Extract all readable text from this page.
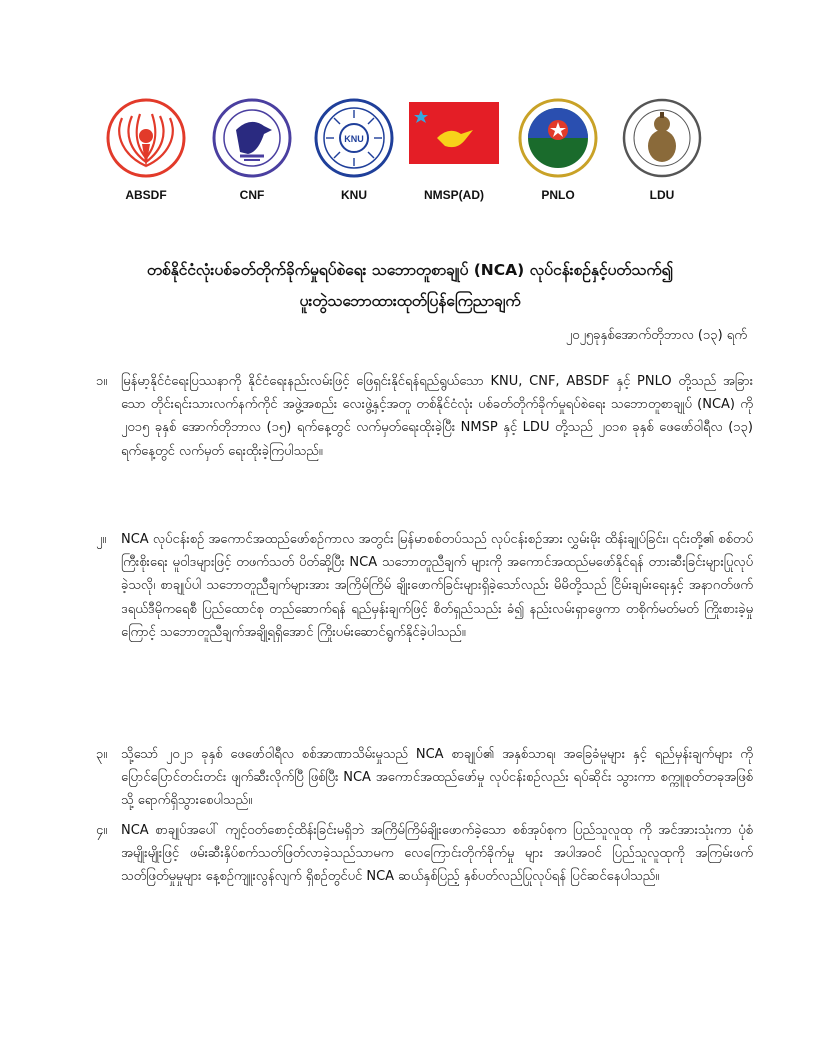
ABSDF	CNF
KNU
KNU	NMSP(AD)	PNLO	LDU
တစ်နိုင်ငံလုံးပစ်ခတ်တိုက်ခိုက်မှုရပ်စဲရေး သဘောတူစာချုပ် (NCA) လုပ်ငန်းစဉ်နှင့်ပတ်သက်၍
ပူးတွဲသဘောထားထုတ်ပြန်ကြေညာချက်
၂၀၂၅ခုနှစ်အောက်တိုဘာလ (၁၃) ရက်
၁။ မြန်မာ့နိုင်ငံရေးပြဿနာကို နိုင်ငံရေးနည်းလမ်းဖြင့် ဖြေရှင်းနိုင်ရန်ရည်ရွယ်သော KNU, CNF, ABSDF နှင့် PNLO တို့သည် အခြားသော တိုင်းရင်းသားလက်နက်ကိုင် အဖွဲ့အစည်း လေးဖွဲ့နှင့်အတူ တစ်နိုင်ငံလုံး ပစ်ခတ်တိုက်ခိုက်မှုရပ်စဲရေး သဘောတူစာချုပ် (NCA) ကို ၂၀၁၅ ခုနှစ် အောက်တိုဘာလ (၁၅) ရက်နေ့တွင် လက်မှတ်ရေးထိုးခဲ့ပြီး NMSP နှင့် LDU တို့သည် ၂၀၁၈ ခုနှစ် ဖေဖော်ဝါရီလ (၁၃) ရက်နေ့တွင် လက်မှတ် ရေးထိုးခဲ့ကြပါသည်။
၂။ NCA လုပ်ငန်းစဉ် အကောင်အထည်ဖော်စဉ်ကာလ အတွင်း မြန်မာစစ်တပ်သည် လုပ်ငန်းစဉ်အား လွှမ်းမိုး ထိန်းချုပ်ခြင်း၊ ၎င်းတို့၏ စစ်တပ်ကြီးစိုးရေး မူဝါဒများဖြင့် တဖက်သတ် ပိတ်ဆို့ပြီး NCA သဘောတူညီချက် များကို အကောင်အထည်မဖော်နိုင်ရန် တားဆီးခြင်းများပြုလုပ်ခဲ့သလို၊ စာချုပ်ပါ သဘောတူညီချက်များအား အကြိမ်ကြိမ် ချိုးဖောက်ခြင်းများရှိခဲ့သော်လည်း မိမိတို့သည် ငြိမ်းချမ်းရေးနှင့် အနာဂတ်ဖက်ဒရယ်ဒီမိုကရေစီ ပြည်ထောင်စု တည်ဆောက်ရန် ရည်မှန်းချက်ဖြင့် စိတ်ရှည်သည်း ခံ၍ နည်းလမ်းရှာဖွေကာ တစိုက်မတ်မတ် ကြိုးစားခဲ့မှုကြောင့် သဘောတူညီချက်အချို့ရရှိအောင် ကြိုးပမ်းဆောင်ရွက်နိုင်ခဲ့ပါသည်။
၃။ သို့သော် ၂၀၂၁ ခုနှစ် ဖေဖော်ဝါရီလ စစ်အာဏာသိမ်းမှုသည် NCA စာချုပ်၏ အနှစ်သာရ၊ အခြေခံမူများ နှင့် ရည်မှန်းချက်များ ကို ပြောင်ပြောင်တင်းတင်း ဖျက်ဆီးလိုက်ပြီ ဖြစ်ပြီး NCA အကောင်အထည်ဖော်မှု လုပ်ငန်းစဉ်လည်း ရပ်ဆိုင်း သွားကာ စက္ကူစုတ်တခုအဖြစ်သို့ ရောက်ရှိသွားစေပါသည်။
၄။ NCA စာချုပ်အပေါ် ကျင့်ဝတ်စောင့်ထိန်းခြင်းမရှိဘဲ အကြိမ်ကြိမ်ချိုးဖောက်ခဲ့သော စစ်အုပ်စုက ပြည်သူလူထု ကို အင်အားသုံးကာ ပုံစံအမျိုးမျိုးဖြင့် ဖမ်းဆီးနှိပ်စက်သတ်ဖြတ်လာခဲ့သည်သာမက လေကြောင်းတိုက်ခိုက်မှု များ အပါအဝင် ပြည်သူလူထုကို အကြမ်းဖက်သတ်ဖြတ်မှုမှုများ နေ့စဉ်ကျူးလွန်လျက် ရှိစဉ်တွင်ပင် NCA ဆယ်နှစ်ပြည့် နှစ်ပတ်လည်ပြုလုပ်ရန် ပြင်ဆင်နေပါသည်။
